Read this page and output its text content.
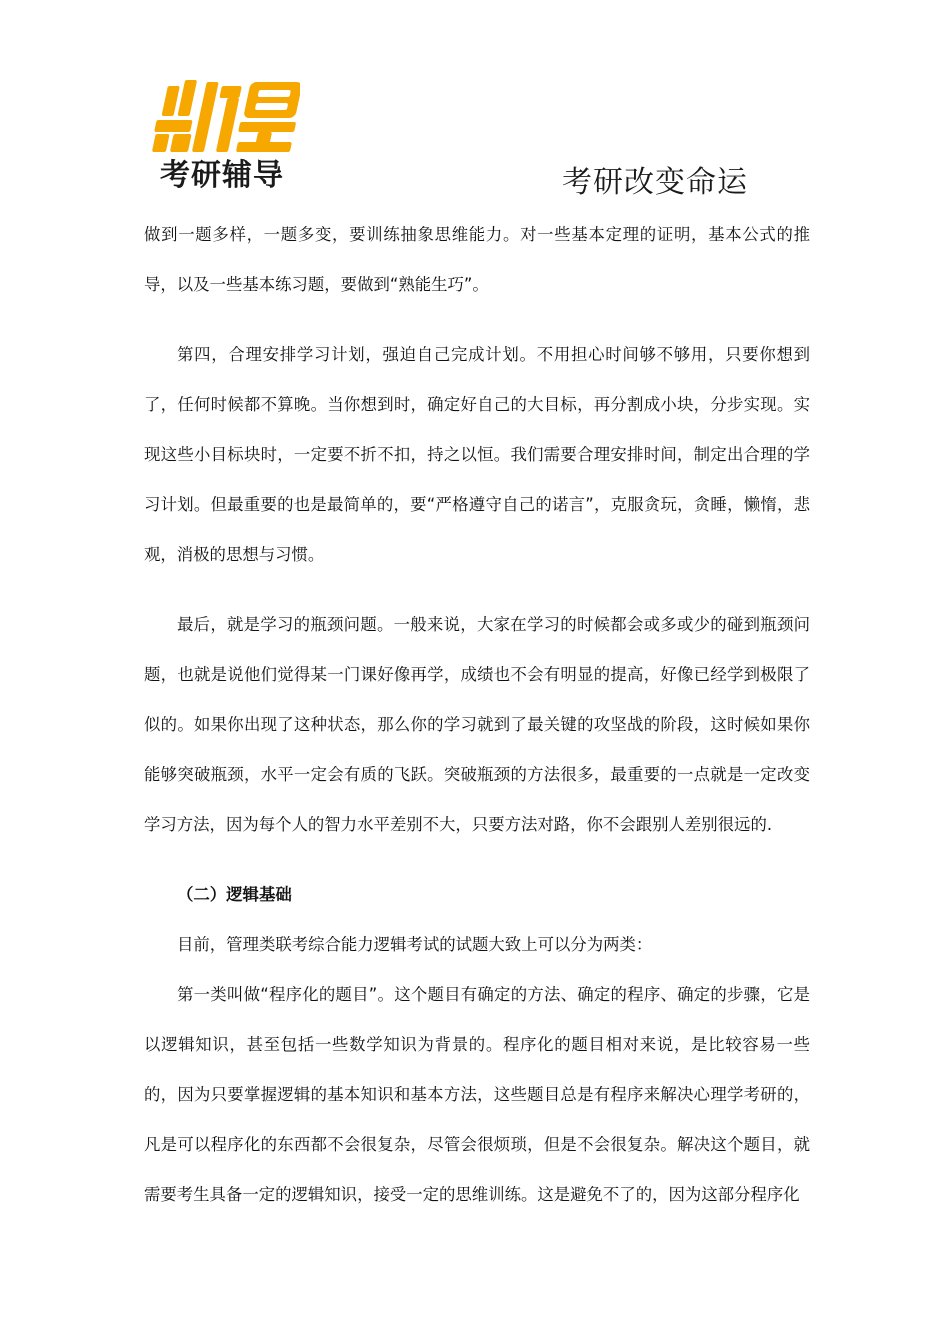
考研辅导	考研改变命运

做到一题多样，一题多变，要训练抽象思维能力。对一些基本定理的证明，基本公式的推导，以及一些基本练习题，要做到“熟能生巧”。

第四，合理安排学习计划，强迫自己完成计划。不用担心时间够不够用，只要你想到了，任何时候都不算晚。当你想到时，确定好自己的大目标，再分割成小块，分步实现。实现这些小目标块时，一定要不折不扣，持之以恒。我们需要合理安排时间，制定出合理的学习计划。但最重要的也是最简单的，要“严格遵守自己的诺言”，克服贪玩，贪睡，懒惰，悲观，消极的思想与习惯。

最后，就是学习的瓶颈问题。一般来说，大家在学习的时候都会或多或少的碰到瓶颈问题，也就是说他们觉得某一门课好像再学，成绩也不会有明显的提高，好像已经学到极限了似的。如果你出现了这种状态，那么你的学习就到了最关键的攻坚战的阶段，这时候如果你能够突破瓶颈，水平一定会有质的飞跃。突破瓶颈的方法很多，最重要的一点就是一定改变学习方法，因为每个人的智力水平差别不大，只要方法对路，你不会跟别人差别很远的.

（二）逻辑基础

目前，管理类联考综合能力逻辑考试的试题大致上可以分为两类：

第一类叫做“程序化的题目”。这个题目有确定的方法、确定的程序、确定的步骤，它是以逻辑知识，甚至包括一些数学知识为背景的。程序化的题目相对来说，是比较容易一些的，因为只要掌握逻辑的基本知识和基本方法，这些题目总是有程序来解决心理学考研的，凡是可以程序化的东西都不会很复杂，尽管会很烦琐，但是不会很复杂。解决这个题目，就需要考生具备一定的逻辑知识，接受一定的思维训练。这是避免不了的，因为这部分程序化
